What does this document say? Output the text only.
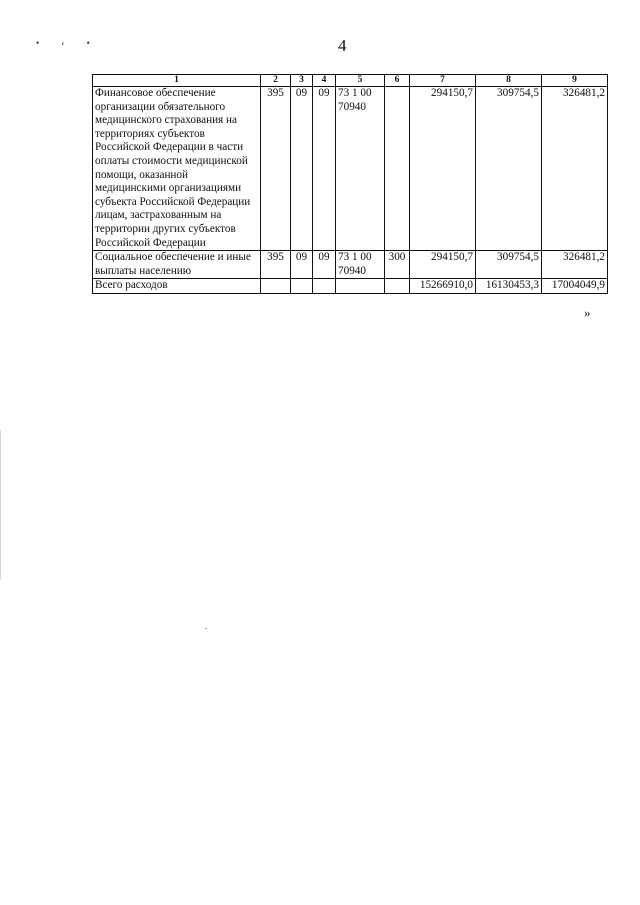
• ‹ •	4
1	2	3	4	5	6	7	8	9
Финансовое обеспечение организации обязательного медицинского страхования на территориях субъектов Российской Федерации в части оплаты стоимости медицинской помощи, оказанной медицинскими организациями субъекта Российской Федерации лицам, застрахованным на территории других субъектов Российской Федерации	395	09	09	73 1 00 70940		294150,7	309754,5	326481,2
Социальное обеспечение и иные выплаты населению	395	09	09	73 1 00 70940	300	294150,7	309754,5	326481,2
Всего расходов						15266910,0	16130453,3	17004049,9
»
